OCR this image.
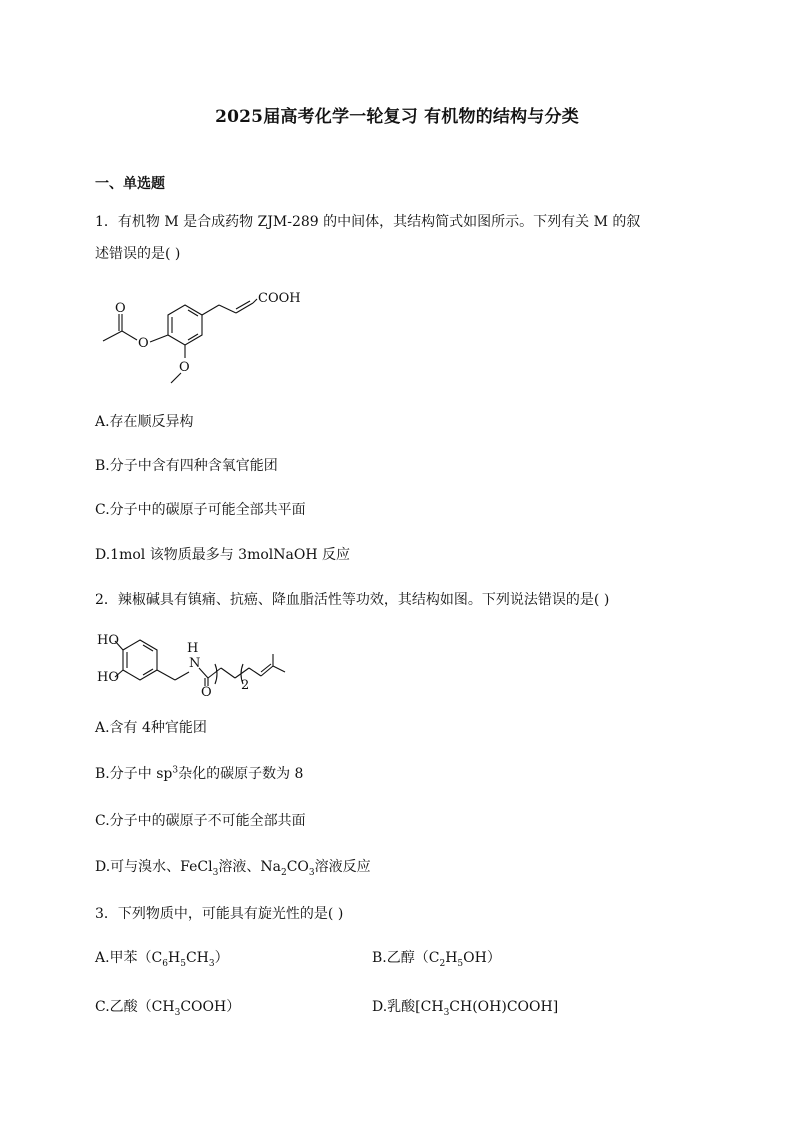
2025届高考化学一轮复习 有机物的结构与分类
一、单选题
1．有机物 M 是合成药物 ZJM-289 的中间体，其结构简式如图所示。下列有关 M 的叙
述错误的是( )
COOH
O
O
O
A.存在顺反异构
B.分子中含有四种含氧官能团
C.分子中的碳原子可能全部共平面
D.1mol 该物质最多与 3molNaOH 反应
2．辣椒碱具有镇痛、抗癌、降血脂活性等功效，其结构如图。下列说法错误的是( )
HO
HO
H
N
O 2
A.含有 4种官能团
B.分子中 $sp^3$杂化的碳原子数为 8
C.分子中的碳原子不可能全部共面
D.可与溴水、FeCl$_3$溶液、$Na_2CO_3$溶液反应
3．下列物质中，可能具有旋光性的是( )
A.甲苯$(C_6H_5CH_3)$	B.乙醇$(C_2H_5OH)$
C.乙酸$(CH_3COOH)$	D.乳酸$[CH_3CH(OH)COOH]$
